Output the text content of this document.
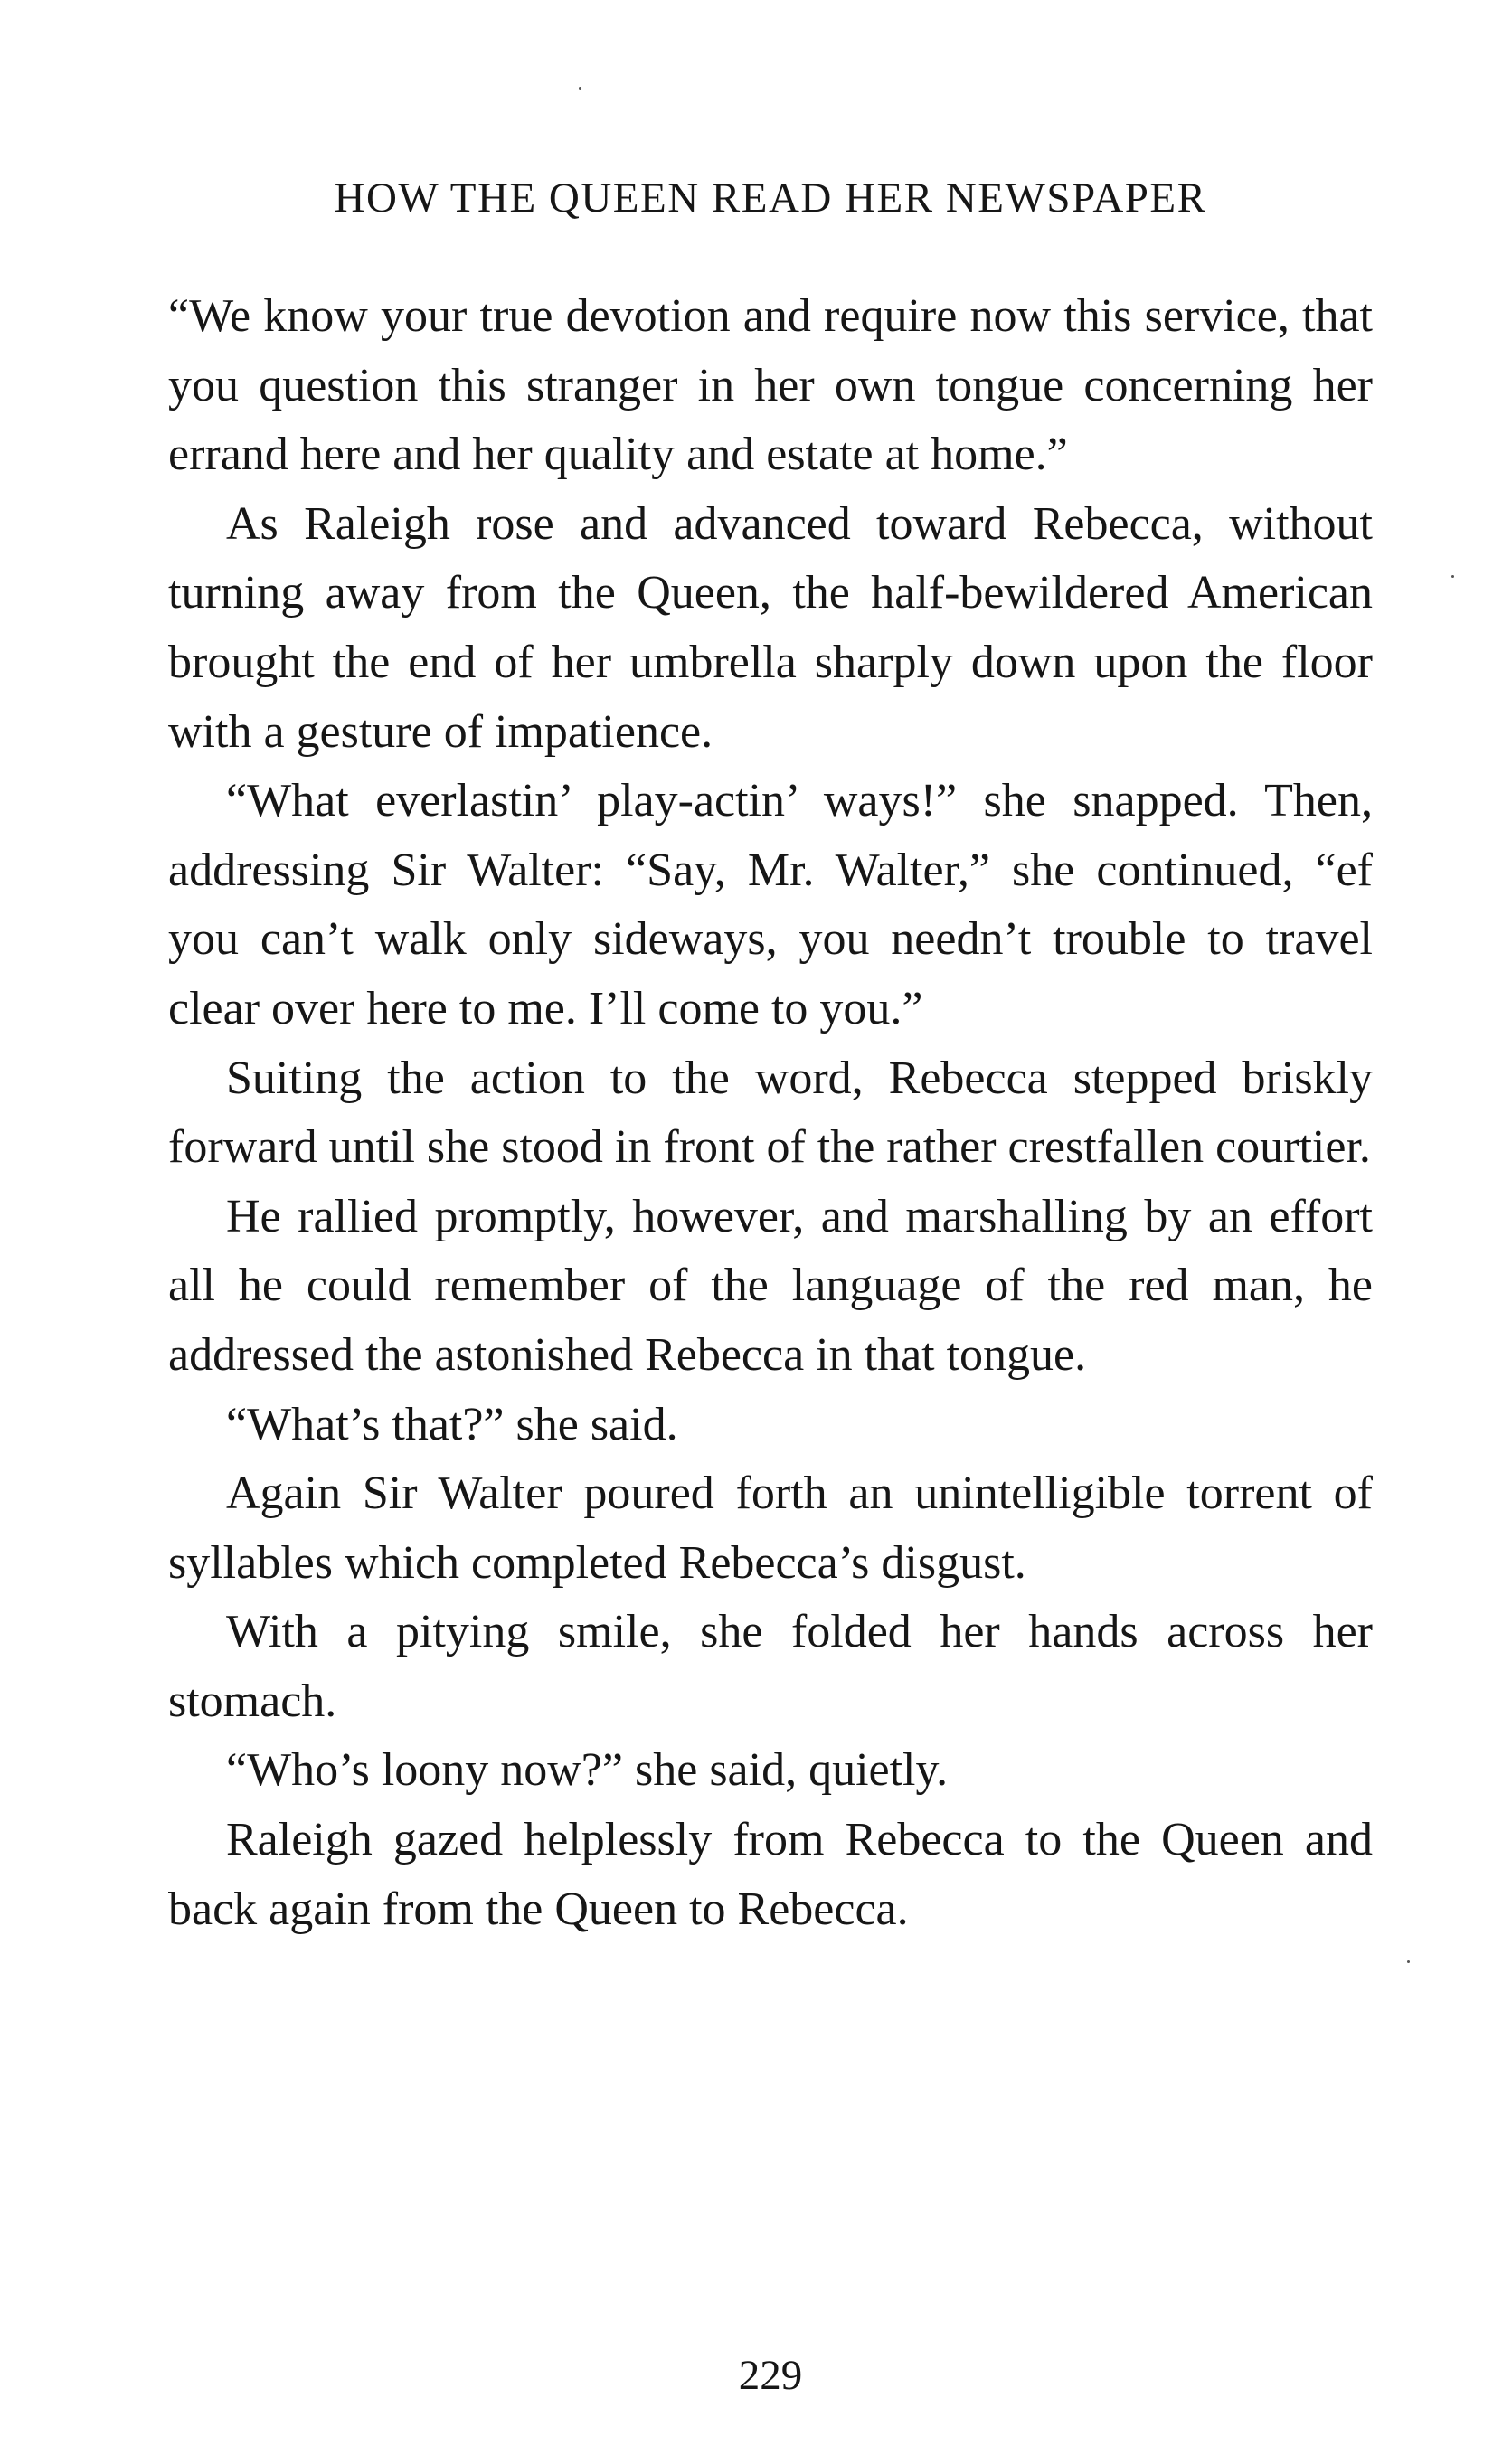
HOW THE QUEEN READ HER NEWSPAPER

“We know your true devotion and require now this service, that you question this stranger in her own tongue concerning her errand here and her quality and estate at home.”

As Raleigh rose and advanced toward Rebecca, without turning away from the Queen, the half-bewildered American brought the end of her umbrella sharply down upon the floor with a gesture of impatience.

“What everlastin’ play-actin’ ways!” she snapped. Then, addressing Sir Walter: “Say, Mr. Walter,” she continued, “ef you can’t walk only sideways, you needn’t trouble to travel clear over here to me. I’ll come to you.”

Suiting the action to the word, Rebecca stepped briskly forward until she stood in front of the rather crestfallen courtier.

He rallied promptly, however, and marshalling by an effort all he could remember of the language of the red man, he addressed the astonished Rebecca in that tongue.

“What’s that?” she said.

Again Sir Walter poured forth an unintelligible torrent of syllables which completed Rebecca’s disgust.

With a pitying smile, she folded her hands across her stomach.

“Who’s loony now?” she said, quietly.

Raleigh gazed helplessly from Rebecca to the Queen and back again from the Queen to Rebecca.

229
